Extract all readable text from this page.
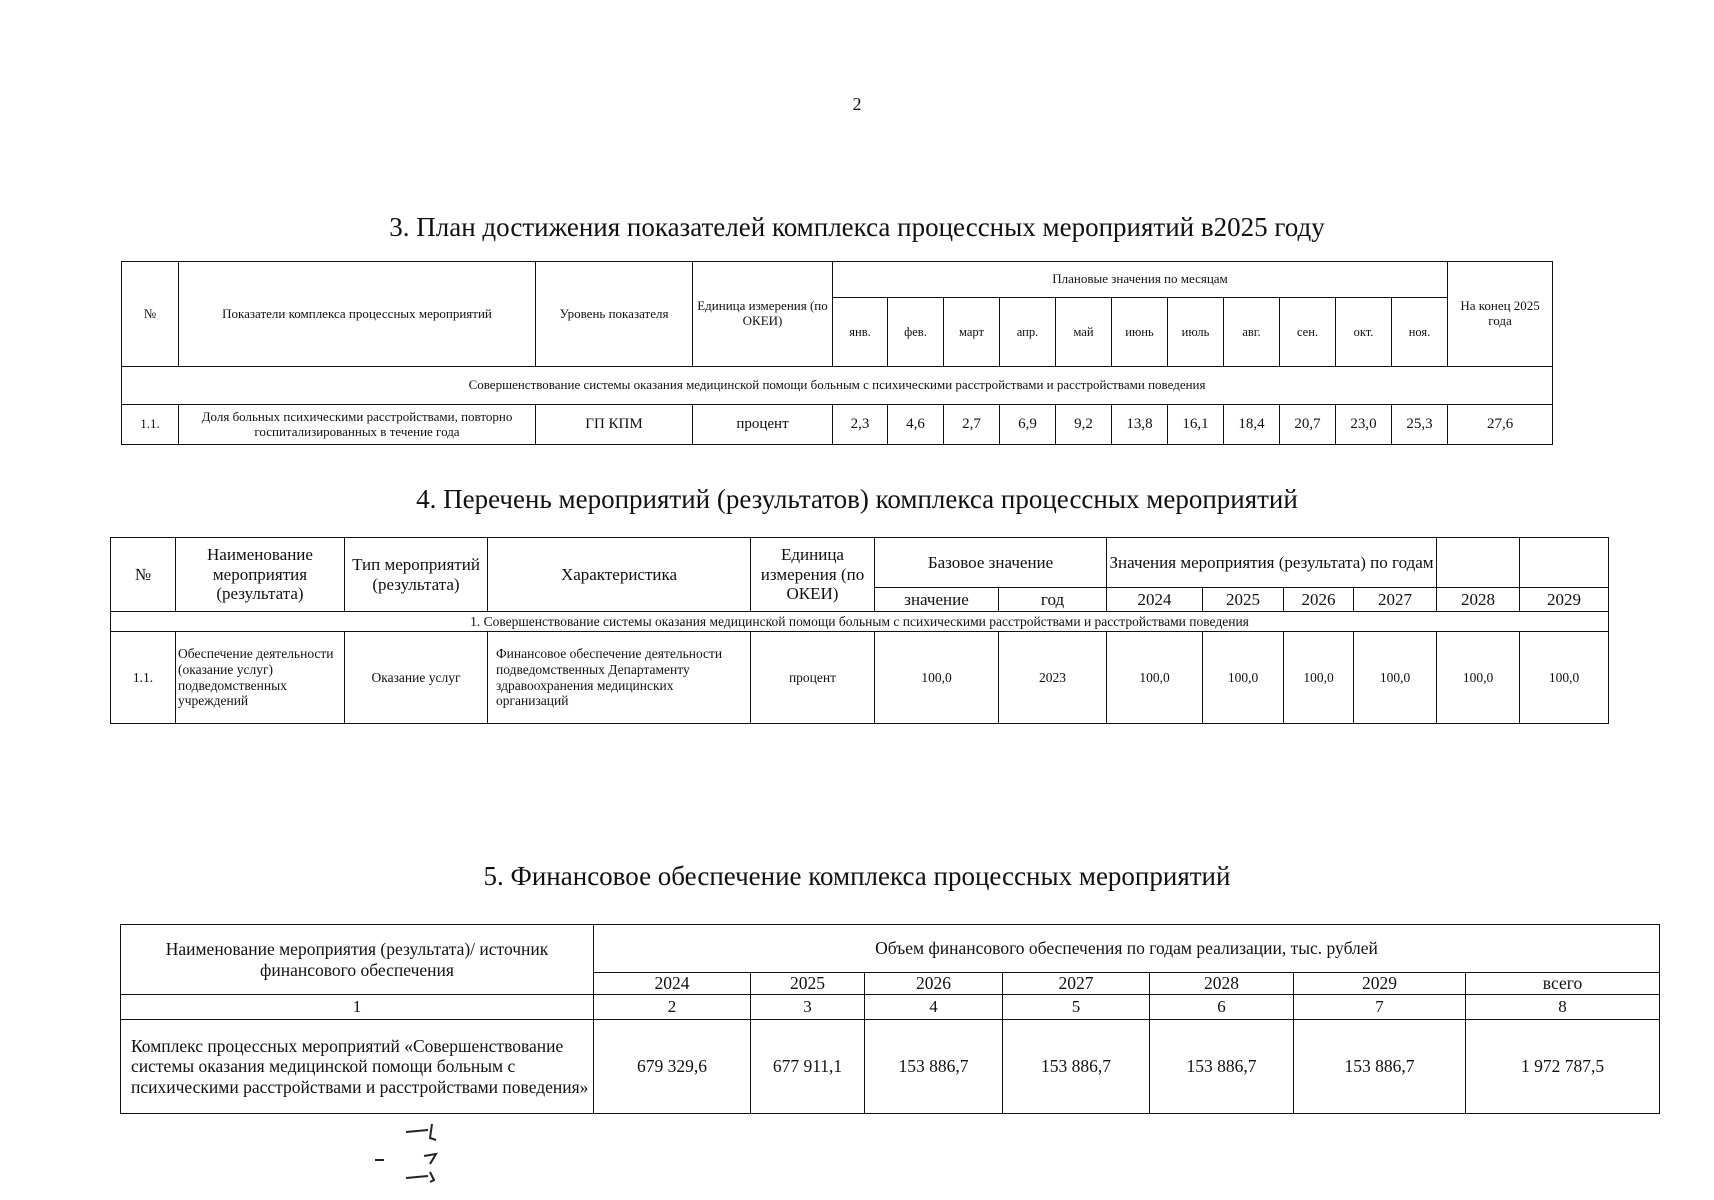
2
3. План достижения показателей комплекса процессных мероприятий в2025 году
№	Показатели комплекса процессных мероприятий	Уровень показателя	Единица измерения (по ОКЕИ)	Плановые значения по месяцам											На конец 2025 года
				янв.	фев.	март	апр.	май	июнь	июль	авг.	сен.	окт.	ноя.	
Совершенствование системы оказания медицинской помощи больным с психическими расстройствами и расстройствами поведения															
1.1.	Доля больных психическими расстройствами, повторно госпитализированных в течение года	ГП КПМ	процент	2,3	4,6	2,7	6,9	9,2	13,8	16,1	18,4	20,7	23,0	25,3	27,6
4. Перечень мероприятий (результатов) комплекса процессных мероприятий
№	Наименование мероприятия (результата)	Тип мероприятий (результата)	Характеристика	Единица измерения (по ОКЕИ)	Базовое значение		Значения мероприятия (результата) по годам					
					значение	год	2024	2025	2026	2027	2028	2029
1. Совершенствование системы оказания медицинской помощи больным с психическими расстройствами и расстройствами поведения												
1.1.	Обеспечение деятельности (оказание услуг) подведомственных учреждений	Оказание услуг	Финансовое обеспечение деятельности подведомственных Департаменту здравоохранения медицинских организаций	процент	100,0	2023	100,0	100,0	100,0	100,0	100,0	100,0
5. Финансовое обеспечение комплекса процессных мероприятий
Наименование мероприятия (результата)/ источник финансового обеспечения	Объем финансового обеспечения по годам реализации, тыс. рублей						
	2024	2025	2026	2027	2028	2029	всего
1	2	3	4	5	6	7	8
Комплекс процессных мероприятий «Совершенствование системы оказания медицинской помощи больным с психическими расстройствами и расстройствами поведения»	679 329,6	677 911,1	153 886,7	153 886,7	153 886,7	153 886,7	1 972 787,5
